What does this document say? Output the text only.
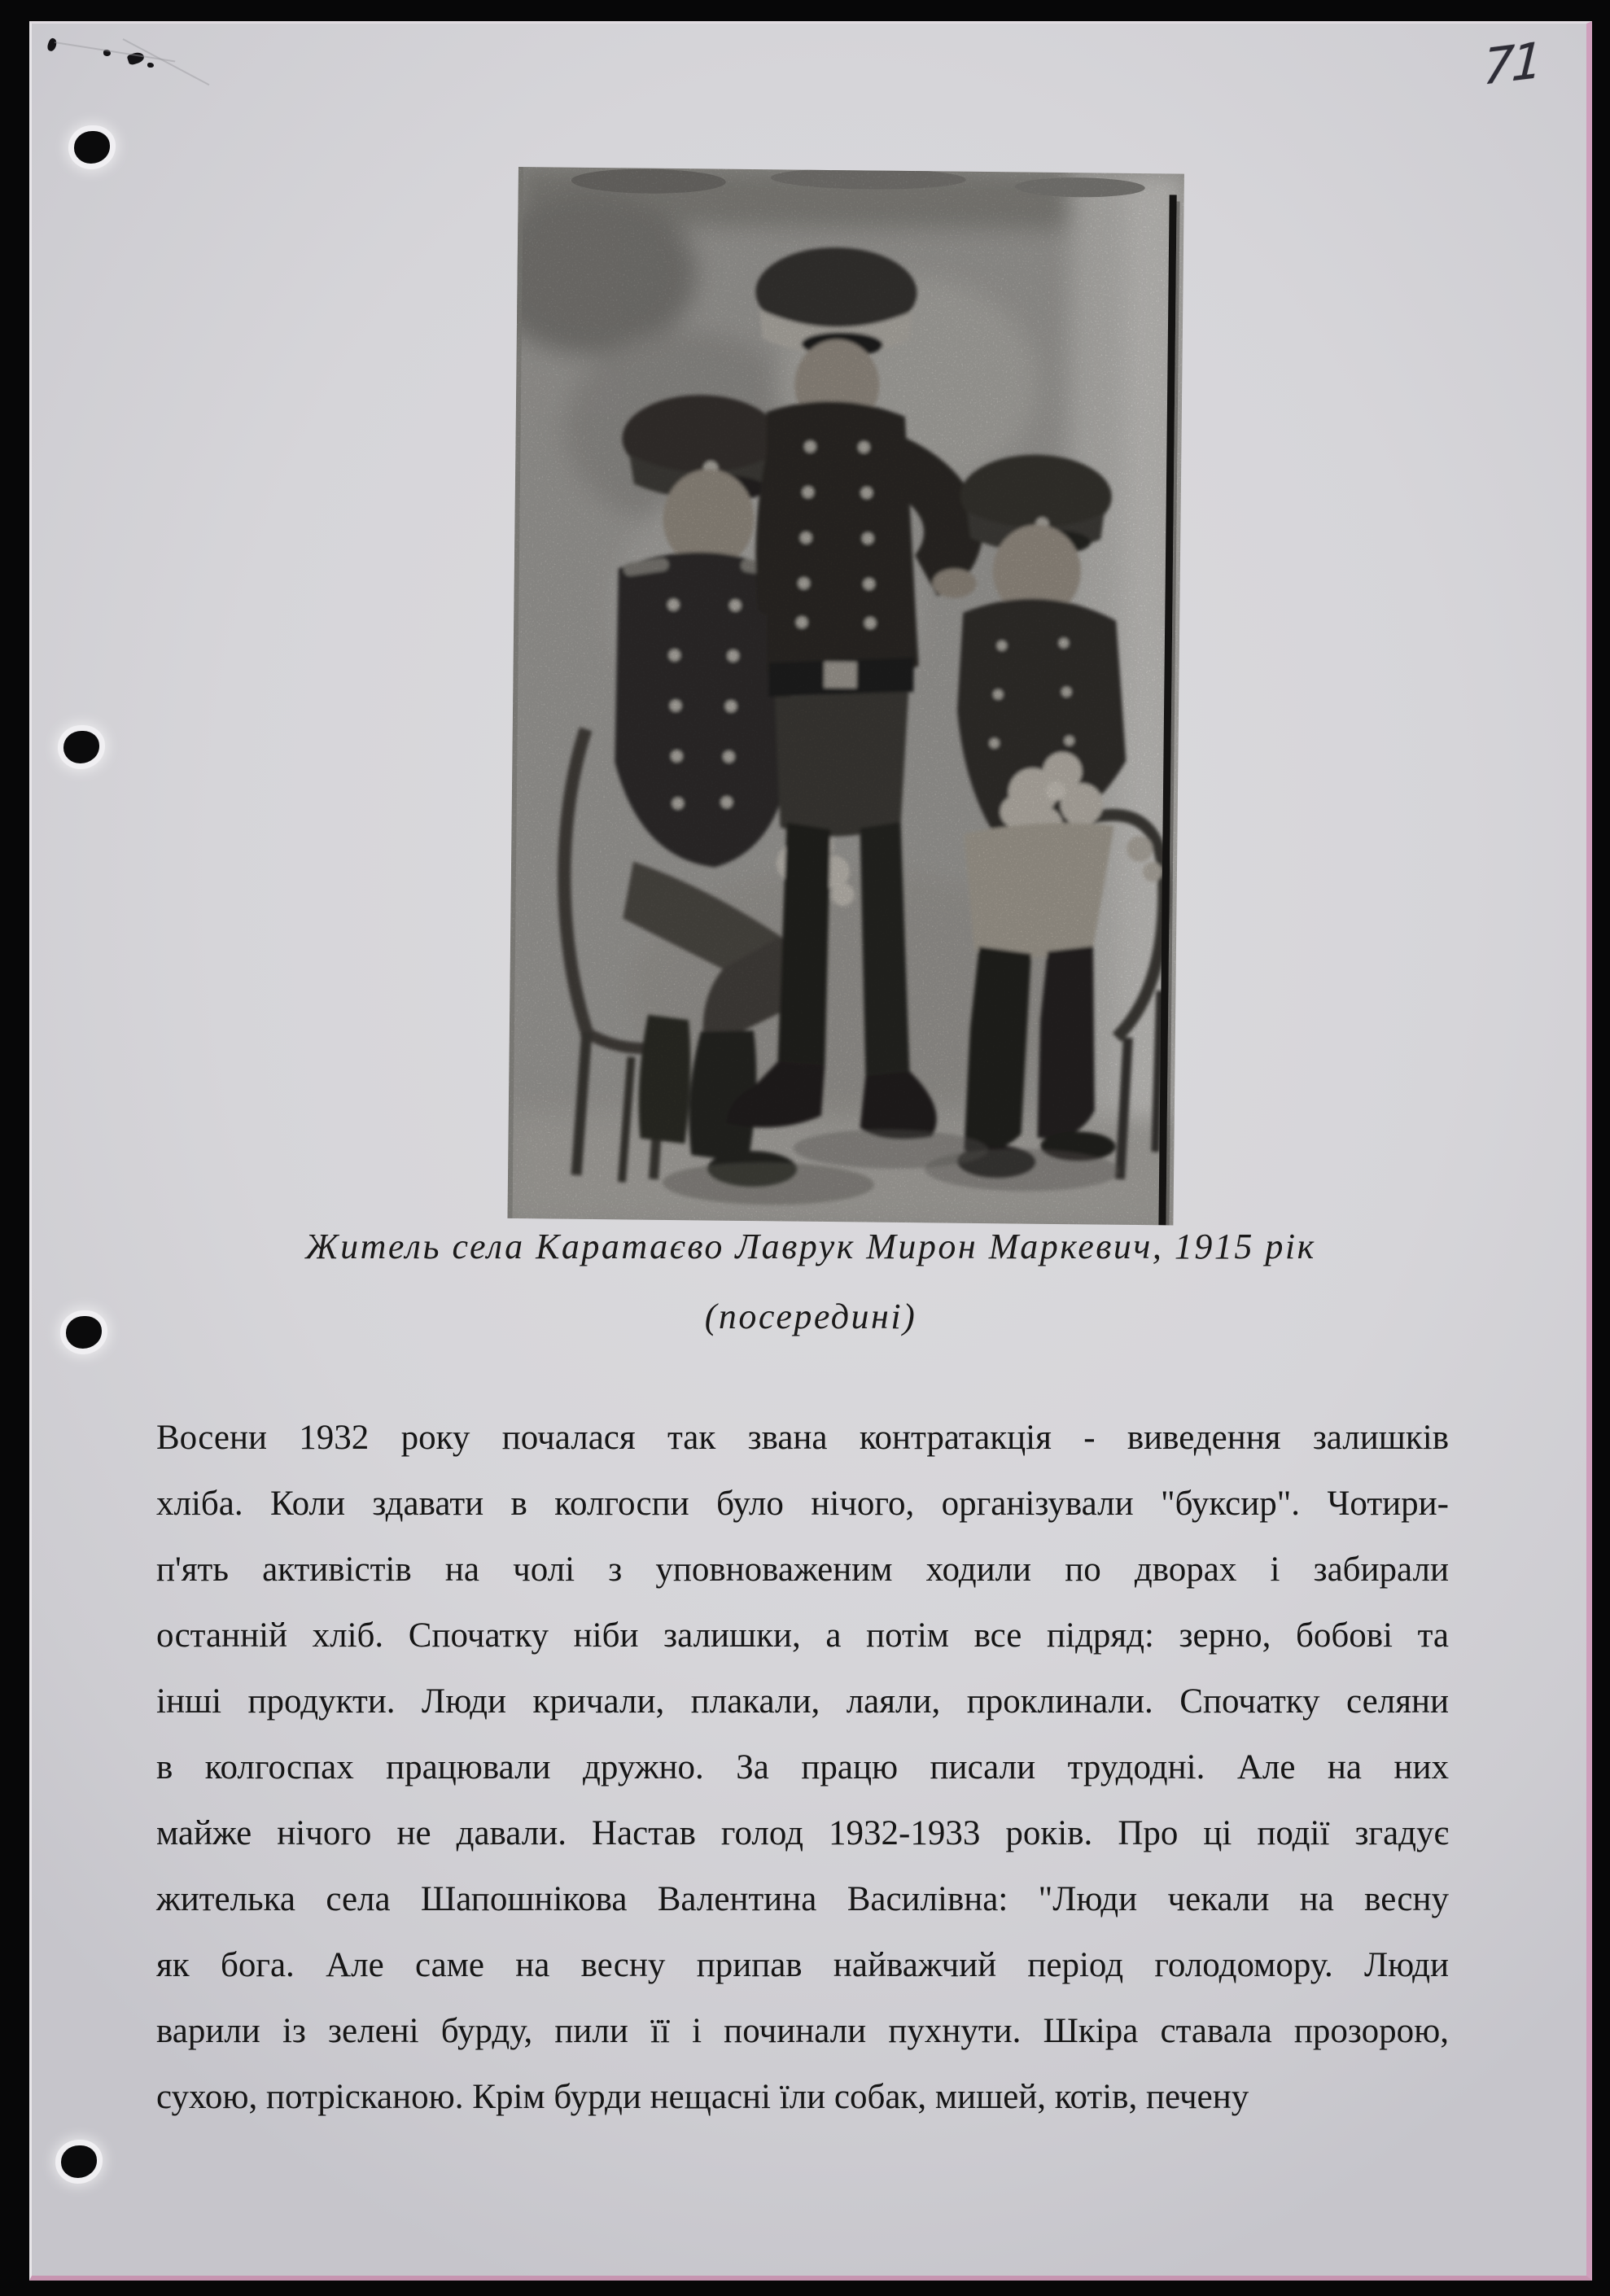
71
Житель села Каратаєво Лаврук Мирон Маркевич, 1915 рік
(посередині)
Восени 1932 року почалася так звана контратакція - виведення залишків
хліба. Коли здавати в колгоспи було нічого, організували "буксир". Чотири-
п'ять активістів на чолі з уповноваженим ходили по дворах і забирали
останній хліб. Спочатку ніби залишки, а потім все підряд: зерно, бобові та
інші продукти. Люди кричали, плакали, лаяли, проклинали. Спочатку селяни
в колгоспах працювали дружно. За працю писали трудодні. Але на них
майже нічого не давали. Настав голод 1932-1933 років. Про ці події згадує
жителька села Шапошнікова Валентина Василівна: "Люди чекали на весну
як бога. Але саме на весну припав найважчий період голодомору. Люди
варили із зелені бурду, пили її і починали пухнути. Шкіра ставала прозорою,
сухою, потрісканою. Крім бурди нещасні їли собак, мишей, котів, печену
